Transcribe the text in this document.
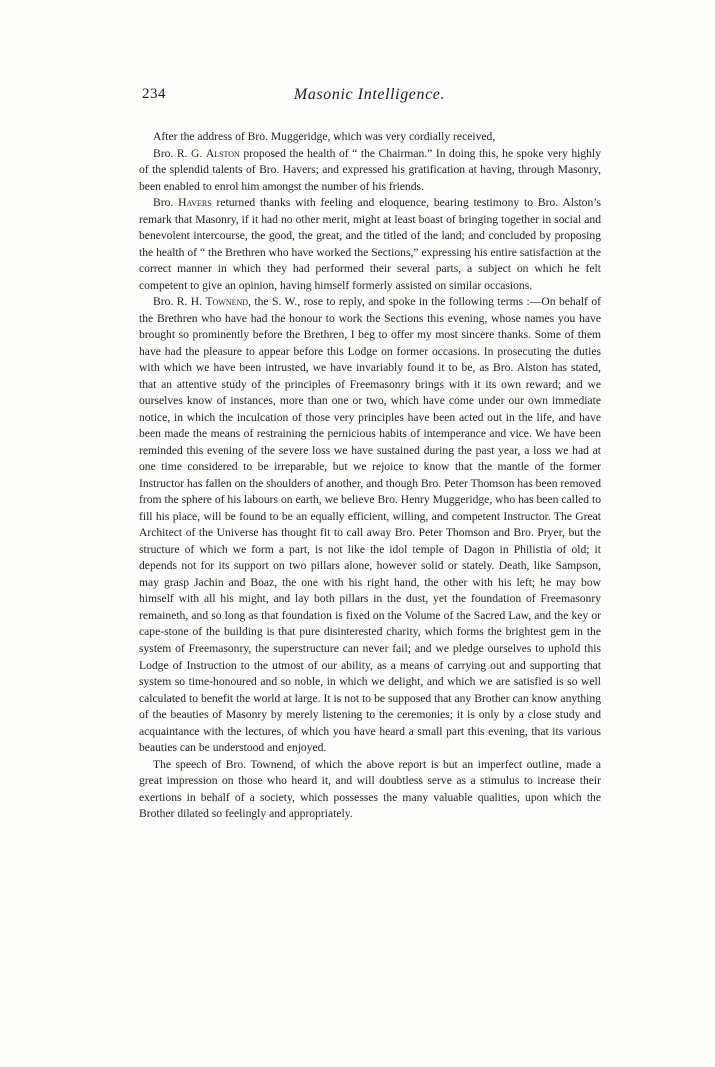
234	Masonic Intelligence.

After the address of Bro. Muggeridge, which was very cordially received,

Bro. R. G. Alston proposed the health of “ the Chairman.” In doing this, he spoke very highly of the splendid talents of Bro. Havers; and expressed his gratification at having, through Masonry, been enabled to enrol him amongst the number of his friends.

Bro. Havers returned thanks with feeling and eloquence, bearing testimony to Bro. Alston’s remark that Masonry, if it had no other merit, might at least boast of bringing together in social and benevolent intercourse, the good, the great, and the titled of the land; and concluded by proposing the health of “ the Brethren who have worked the Sections,” expressing his entire satisfaction at the correct manner in which they had performed their several parts, a subject on which he felt competent to give an opinion, having himself formerly assisted on similar occasions.

Bro. R. H. Townend, the S. W., rose to reply, and spoke in the following terms :—On behalf of the Brethren who have had the honour to work the Sections this evening, whose names you have brought so prominently before the Brethren, I beg to offer my most sincere thanks. Some of them have had the pleasure to appear before this Lodge on former occasions. In prosecuting the duties with which we have been intrusted, we have invariably found it to be, as Bro. Alston has stated, that an attentive study of the principles of Freemasonry brings with it its own reward; and we ourselves know of instances, more than one or two, which have come under our own immediate notice, in which the inculcation of those very principles have been acted out in the life, and have been made the means of restraining the pernicious habits of intemperance and vice. We have been reminded this evening of the severe loss we have sustained during the past year, a loss we had at one time considered to be irreparable, but we rejoice to know that the mantle of the former Instructor has fallen on the shoulders of another, and though Bro. Peter Thomson has been removed from the sphere of his labours on earth, we believe Bro. Henry Muggeridge, who has been called to fill his place, will be found to be an equally efficient, willing, and competent Instructor. The Great Architect of the Universe has thought fit to call away Bro. Peter Thomson and Bro. Pryer, but the structure of which we form a part, is not like the idol temple of Dagon in Philistia of old; it depends not for its support on two pillars alone, however solid or stately. Death, like Sampson, may grasp Jachin and Boaz, the one with his right hand, the other with his left; he may bow himself with all his might, and lay both pillars in the dust, yet the foundation of Freemasonry remaineth, and so long as that foundation is fixed on the Volume of the Sacred Law, and the key or cape-stone of the building is that pure disinterested charity, which forms the brightest gem in the system of Freemasonry, the superstructure can never fail; and we pledge ourselves to uphold this Lodge of Instruction to the utmost of our ability, as a means of carrying out and supporting that system so time-honoured and so noble, in which we delight, and which we are satisfied is so well calculated to benefit the world at large. It is not to be supposed that any Brother can know anything of the beauties of Masonry by merely listening to the ceremonies; it is only by a close study and acquaintance with the lectures, of which you have heard a small part this evening, that its various beauties can be understood and enjoyed.

The speech of Bro. Townend, of which the above report is but an imperfect outline, made a great impression on those who heard it, and will doubtless serve as a stimulus to increase their exertions in behalf of a society, which possesses the many valuable qualities, upon which the Brother dilated so feelingly and appropriately.
